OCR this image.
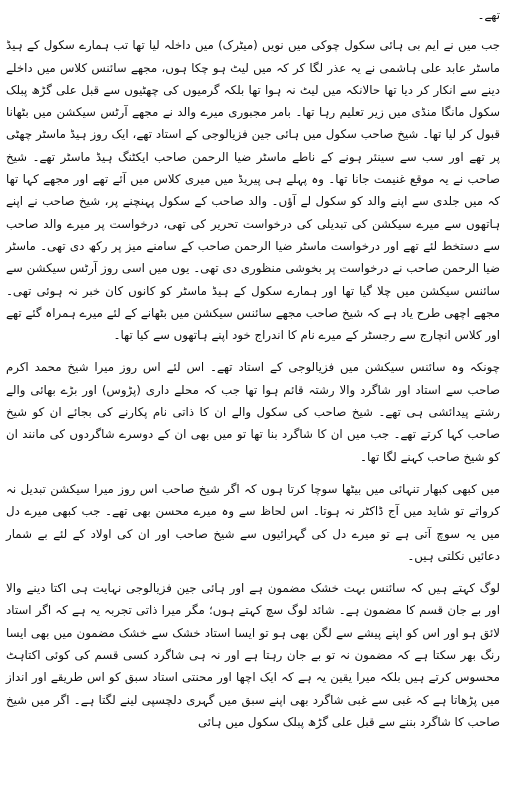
تھے۔

جب میں نے ایم بی ہائی سکول چوکی میں نویں (میٹرک) میں داخلہ لیا تھا تب ہمارے سکول کے ہیڈ ماسٹر عابد علی ہاشمی نے یہ عذر لگا کر کہ میں لیٹ ہو چکا ہوں، مجھے سائنس کلاس میں داخلے دینے سے انکار کر دیا تھا حالانکہ میں لیٹ نہ ہوا تھا بلکہ گرمیوں کی چھٹیوں سے قبل علی گڑھ پبلک سکول مانگا منڈی میں زیر تعلیم رہا تھا۔ بامر مجبوری میرے والد نے مجھے آرٹس سیکشن میں بٹھانا قبول کر لیا تھا۔ شیخ صاحب سکول میں ہائی جین فزیالوجی کے استاد تھے، ایک روز ہیڈ ماسٹر چھٹی پر تھے اور سب سے سینئر ہونے کے ناطے ماسٹر ضیا الرحمن صاحب ایکٹنگ ہیڈ ماسٹر تھے۔ شیخ صاحب نے یہ موقع غنیمت جانا تھا۔ وہ پہلے ہی پیریڈ میں میری کلاس میں آئے تھے اور مجھے کہا تھا کہ میں جلدی سے اپنے والد کو سکول لے آؤں۔ والد صاحب کے سکول پہنچنے پر، شیخ صاحب نے اپنے ہاتھوں سے میرے سیکشن کی تبدیلی کی درخواست تحریر کی تھی، درخواست پر میرے والد صاحب سے دستخط لئے تھے اور درخواست ماسٹر ضیا الرحمن صاحب کے سامنے میز پر رکھ دی تھی۔ ماسٹر ضیا الرحمن صاحب نے درخواست پر بخوشی منظوری دی تھی۔ یوں میں اسی روز آرٹس سیکشن سے سائنس سیکشن میں چلا گیا تھا اور ہمارے سکول کے ہیڈ ماسٹر کو کانوں کان خبر نہ ہوئی تھی۔ مجھے اچھی طرح یاد ہے کہ شیخ صاحب مجھے سائنس سیکشن میں بٹھانے کے لئے میرے ہمراہ گئے تھے اور کلاس انچارج سے رجسٹر کے میرے نام کا اندراج خود اپنے ہاتھوں سے کیا تھا۔

چونکہ وہ سائنس سیکشن میں فزیالوجی کے استاد تھے۔ اس لئے اس روز میرا شیخ محمد اکرم صاحب سے استاد اور شاگرد والا رشتہ قائم ہوا تھا جب کہ محلے داری (پڑوس) اور بڑے بھائی والے رشتے پیدائشی ہی تھے۔ شیخ صاحب کی سکول والے ان کا ذاتی نام پکارنے کی بجائے ان کو شیخ صاحب کہا کرتے تھے۔ جب میں ان کا شاگرد بنا تھا تو میں بھی ان کے دوسرے شاگردوں کی مانند ان کو شیخ صاحب کہنے لگا تھا۔

میں کبھی کبھار تنہائی میں بیٹھا سوچا کرتا ہوں کہ اگر شیخ صاحب اس روز میرا سیکشن تبدیل نہ کرواتے تو شاید میں آج ڈاکٹر نہ ہوتا۔ اس لحاظ سے وہ میرے محسن بھی تھے۔ جب کبھی میرے دل میں یہ سوچ آتی ہے تو میرے دل کی گہرائیوں سے شیخ صاحب اور ان کی اولاد کے لئے بے شمار دعائیں نکلتی ہیں۔

لوگ کہتے ہیں کہ سائنس بہت خشک مضمون ہے اور ہائی جین فزیالوجی نہایت ہی اکتا دینے والا اور بے جان قسم کا مضمون ہے۔ شائد لوگ سچ کہتے ہوں؛ مگر میرا ذاتی تجربہ یہ ہے کہ اگر استاد لائق ہو اور اس کو اپنے پیشے سے لگن بھی ہو تو ایسا استاد خشک سے خشک مضمون میں بھی ایسا رنگ بھر سکتا ہے کہ مضمون نہ تو بے جان رہتا ہے اور نہ ہی شاگرد کسی قسم کی کوئی اکتاہٹ محسوس کرتے ہیں بلکہ میرا یقین یہ ہے کہ ایک اچھا اور محنتی استاد سبق کو اس طریقے اور انداز میں پڑھاتا ہے کہ غبی سے غبی شاگرد بھی اپنے سبق میں گہری دلچسپی لینے لگتا ہے۔ اگر میں شیخ صاحب کا شاگرد بننے سے قبل علی گڑھ پبلک سکول میں ہائی
